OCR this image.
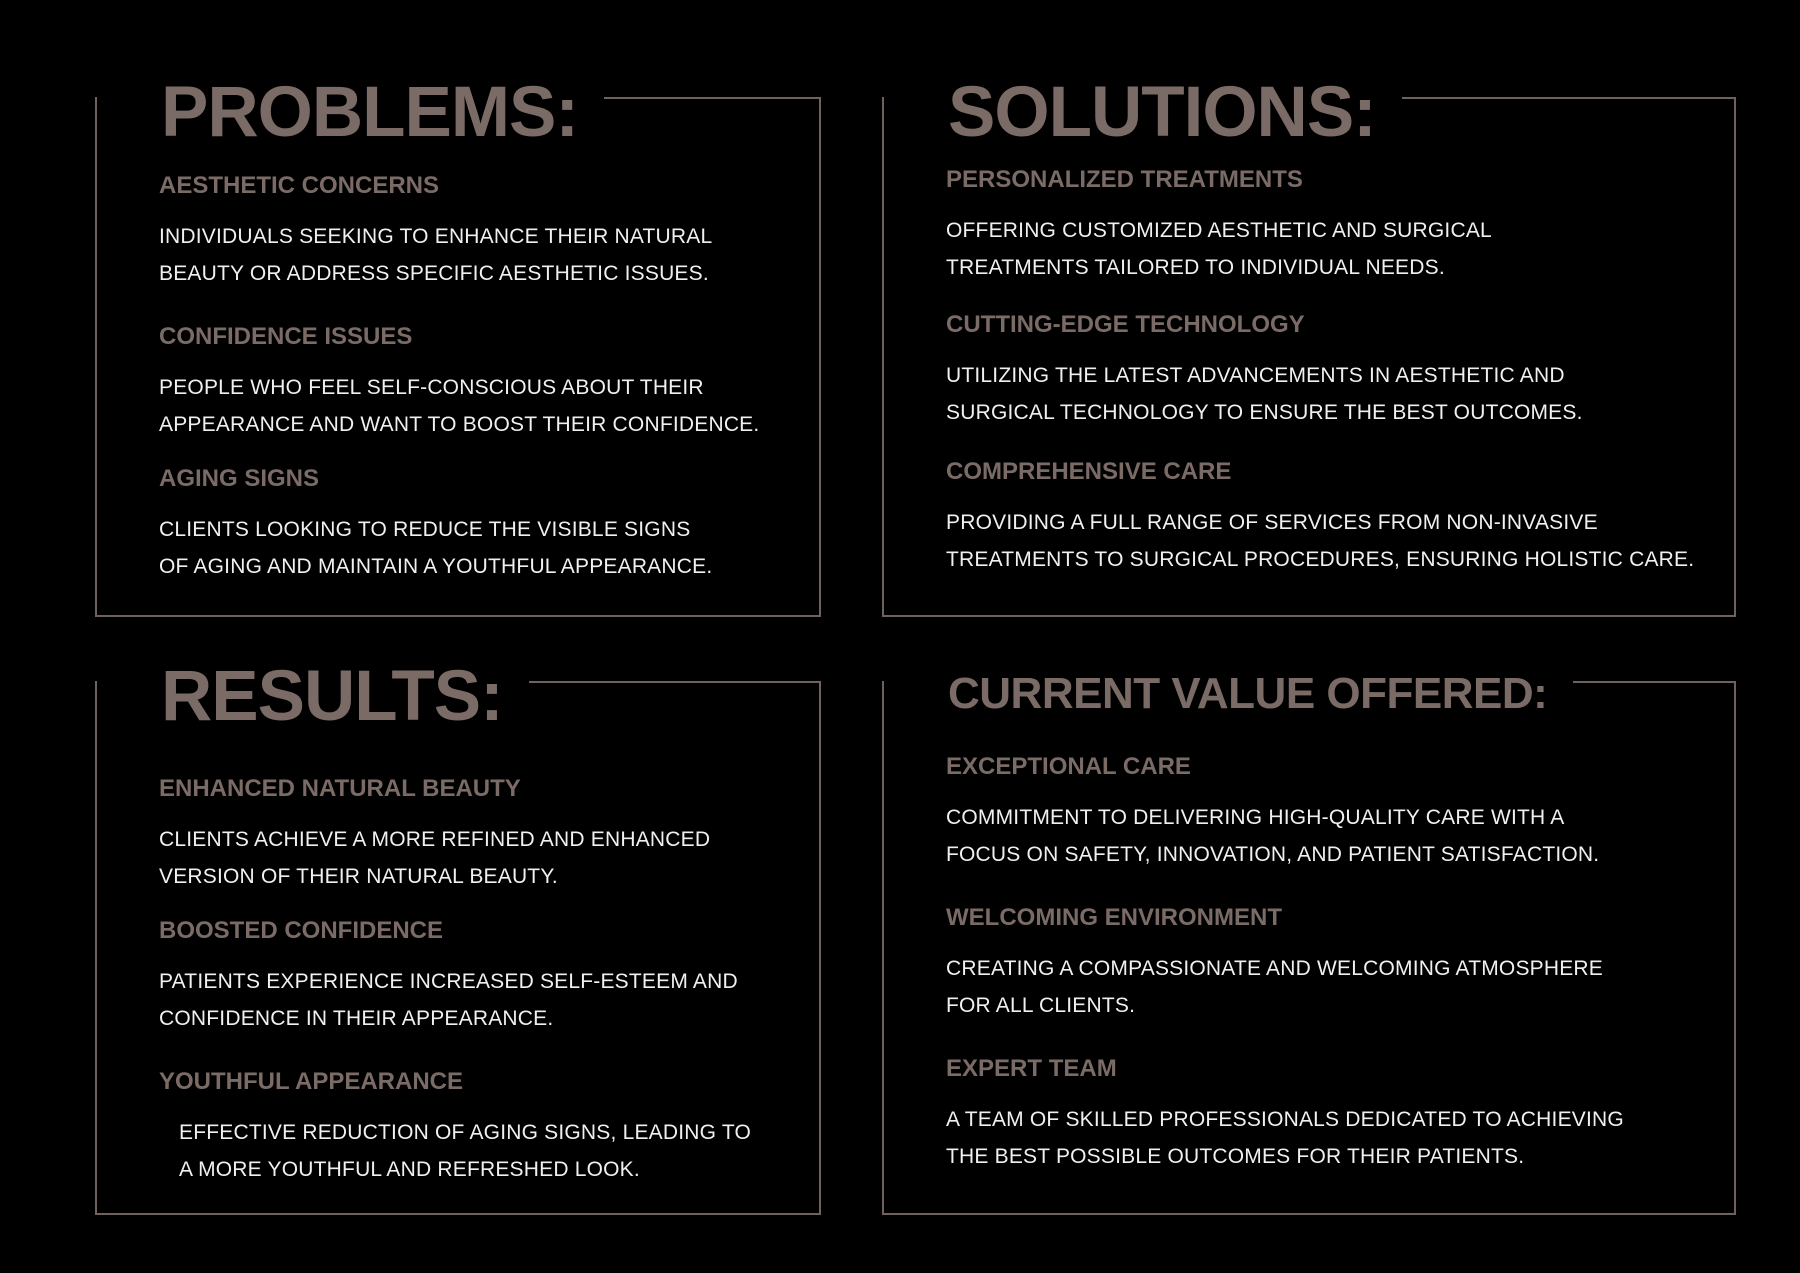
PROBLEMS:

AESTHETIC CONCERNS

INDIVIDUALS SEEKING TO ENHANCE THEIR NATURAL BEAUTY OR ADDRESS SPECIFIC AESTHETIC ISSUES.

CONFIDENCE ISSUES

PEOPLE WHO FEEL SELF-CONSCIOUS ABOUT THEIR APPEARANCE AND WANT TO BOOST THEIR CONFIDENCE.

AGING SIGNS

CLIENTS LOOKING TO REDUCE THE VISIBLE SIGNS OF AGING AND MAINTAIN A YOUTHFUL APPEARANCE.

SOLUTIONS:

PERSONALIZED TREATMENTS

OFFERING CUSTOMIZED AESTHETIC AND SURGICAL TREATMENTS TAILORED TO INDIVIDUAL NEEDS.

CUTTING-EDGE TECHNOLOGY

UTILIZING THE LATEST ADVANCEMENTS IN AESTHETIC AND SURGICAL TECHNOLOGY TO ENSURE THE BEST OUTCOMES.

COMPREHENSIVE CARE

PROVIDING A FULL RANGE OF SERVICES FROM NON-INVASIVE TREATMENTS TO SURGICAL PROCEDURES, ENSURING HOLISTIC CARE.

RESULTS:

ENHANCED NATURAL BEAUTY

CLIENTS ACHIEVE A MORE REFINED AND ENHANCED VERSION OF THEIR NATURAL BEAUTY.

BOOSTED CONFIDENCE

PATIENTS EXPERIENCE INCREASED SELF-ESTEEM AND CONFIDENCE IN THEIR APPEARANCE.

YOUTHFUL APPEARANCE

EFFECTIVE REDUCTION OF AGING SIGNS, LEADING TO A MORE YOUTHFUL AND REFRESHED LOOK.

CURRENT VALUE OFFERED:

EXCEPTIONAL CARE

COMMITMENT TO DELIVERING HIGH-QUALITY CARE WITH A FOCUS ON SAFETY, INNOVATION, AND PATIENT SATISFACTION.

WELCOMING ENVIRONMENT

CREATING A COMPASSIONATE AND WELCOMING ATMOSPHERE FOR ALL CLIENTS.

EXPERT TEAM

A TEAM OF SKILLED PROFESSIONALS DEDICATED TO ACHIEVING THE BEST POSSIBLE OUTCOMES FOR THEIR PATIENTS.
